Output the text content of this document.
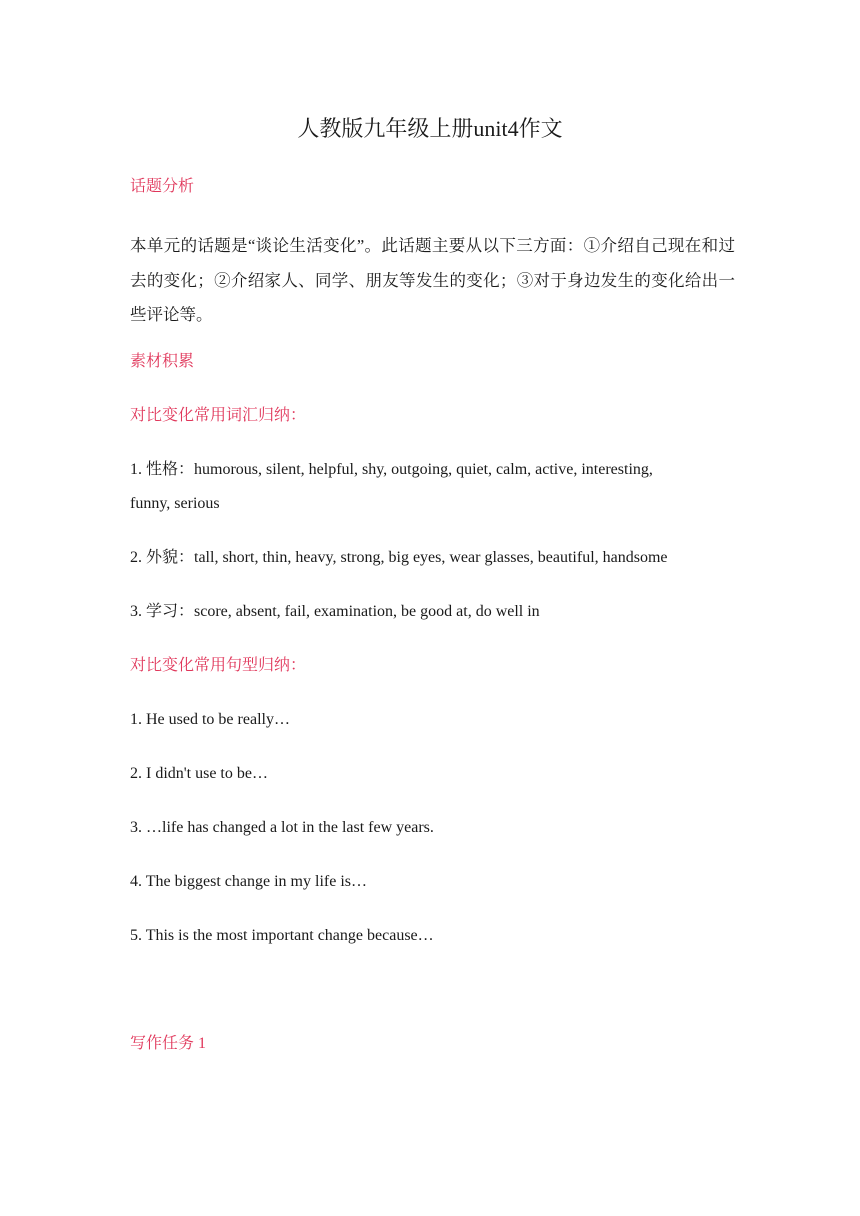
人教版九年级上册unit4作文
话题分析
本单元的话题是“谈论生活变化”。此话题主要从以下三方面：①介绍自己现在和过去的变化；②介绍家人、同学、朋友等发生的变化；③对于身边发生的变化给出一些评论等。
素材积累
对比变化常用词汇归纳：
1. 性格：humorous, silent, helpful, shy, outgoing, quiet, calm, active, interesting,
funny, serious
2. 外貌：tall, short, thin, heavy, strong, big eyes, wear glasses, beautiful, handsome
3. 学习：score, absent, fail, examination, be good at, do well in
对比变化常用句型归纳：
1. He used to be really…
2. I didn't use to be…
3. …life has changed a lot in the last few years.
4. The biggest change in my life is…
5. This is the most important change because…
写作任务 1
